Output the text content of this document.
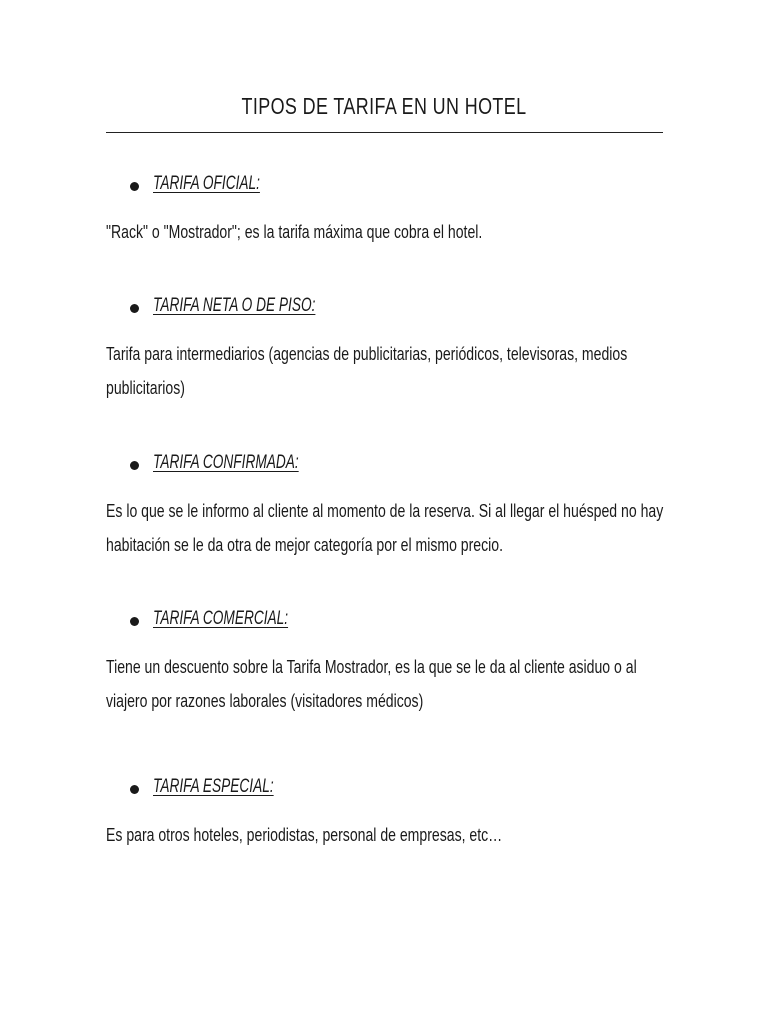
TIPOS DE TARIFA EN UN HOTEL
TARIFA OFICIAL:

"Rack" o "Mostrador"; es la tarifa máxima que cobra el hotel.

TARIFA NETA O DE PISO:

Tarifa para intermediarios (agencias de publicitarias, periódicos, televisoras, medios publicitarios)

TARIFA CONFIRMADA:

Es lo que se le informo al cliente al momento de la reserva. Si al llegar el huésped no hay habitación se le da otra de mejor categoría por el mismo precio.

TARIFA COMERCIAL:

Tiene un descuento sobre la Tarifa Mostrador, es la que se le da al cliente asiduo o al viajero por razones laborales (visitadores médicos)

TARIFA ESPECIAL:

Es para otros hoteles, periodistas, personal de empresas, etc…
